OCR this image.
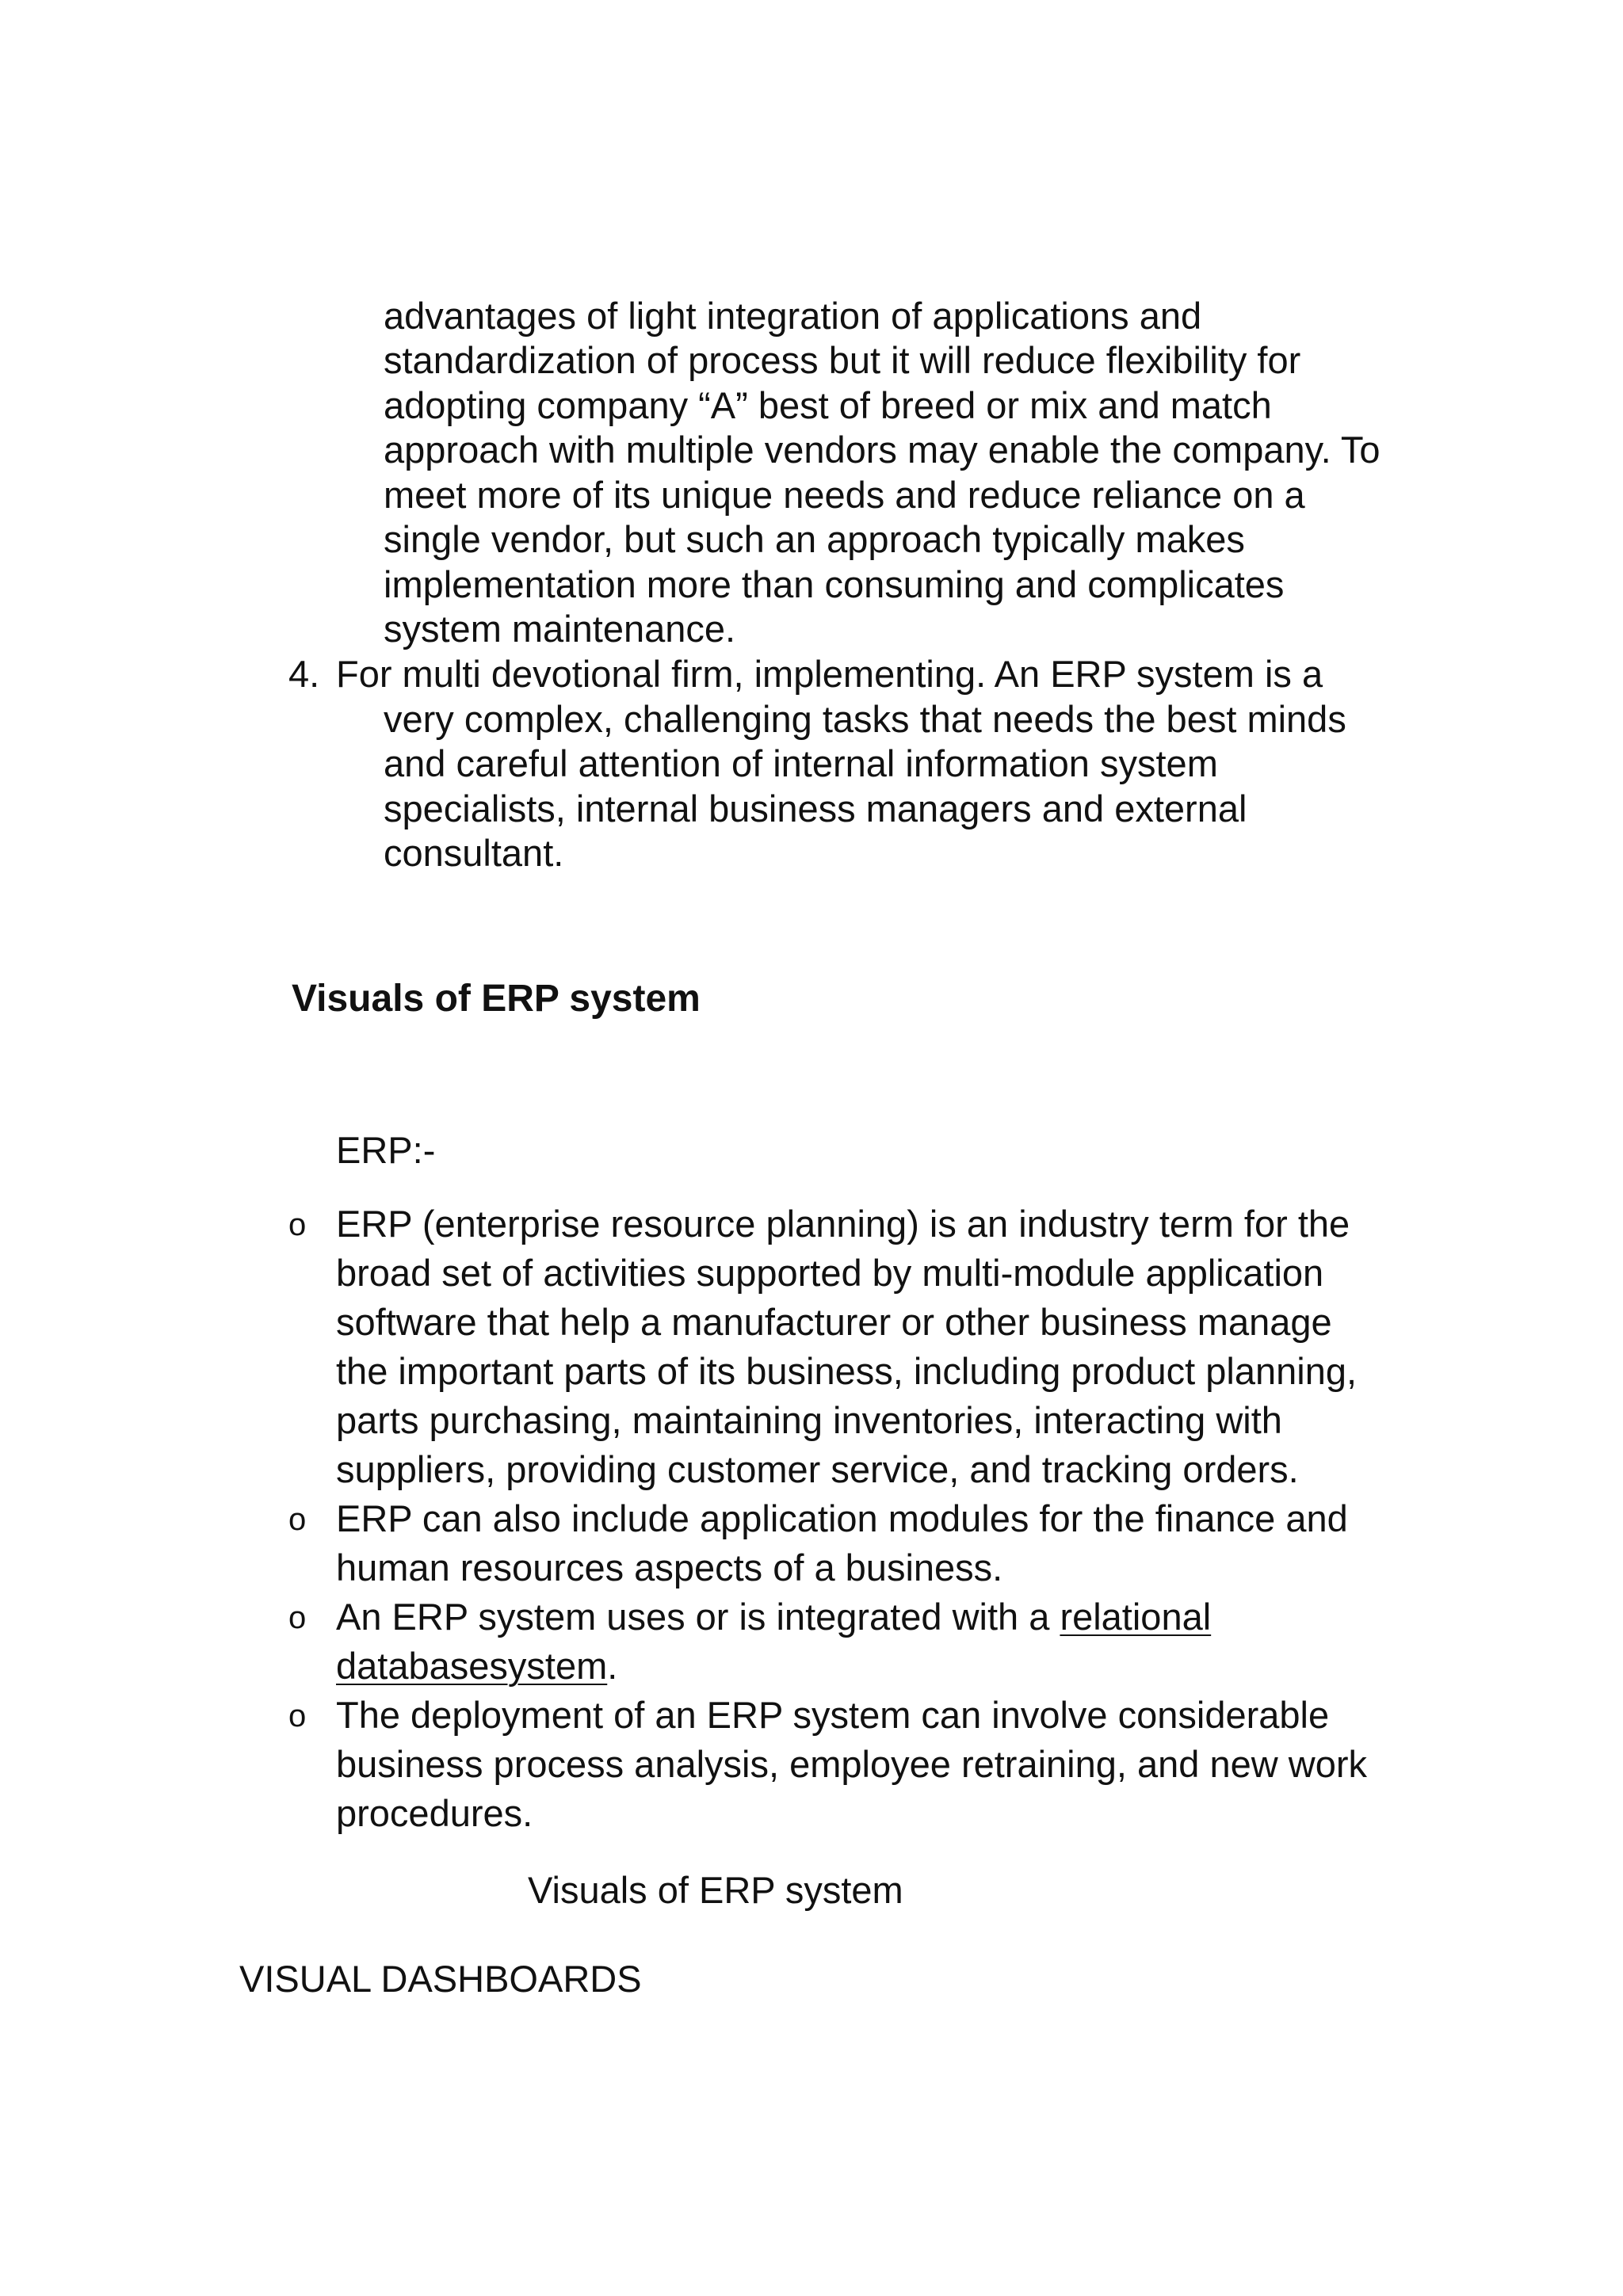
advantages of light integration of applications and
standardization of process but it will reduce flexibility for
adopting company “A” best of breed or mix and match
approach with multiple vendors may enable the company. To
meet more of its unique needs and reduce reliance on a
single vendor, but such an approach typically makes
implementation more than consuming and complicates
system maintenance.
4. For multi devotional firm, implementing. An ERP system is a
very complex, challenging tasks that needs the best minds
and careful attention of internal information system
specialists, internal business managers and external
consultant.
Visuals of ERP system
ERP:-
o ERP (enterprise resource planning) is an industry term for the
broad set of activities supported by multi-module application
software that help a manufacturer or other business manage
the important parts of its business, including product planning,
parts purchasing, maintaining inventories, interacting with
suppliers, providing customer service, and tracking orders.
o ERP can also include application modules for the finance and
human resources aspects of a business.
o An ERP system uses or is integrated with a relational
databasesystem.
o The deployment of an ERP system can involve considerable
business process analysis, employee retraining, and new work
procedures.
Visuals of ERP system
VISUAL DASHBOARDS
